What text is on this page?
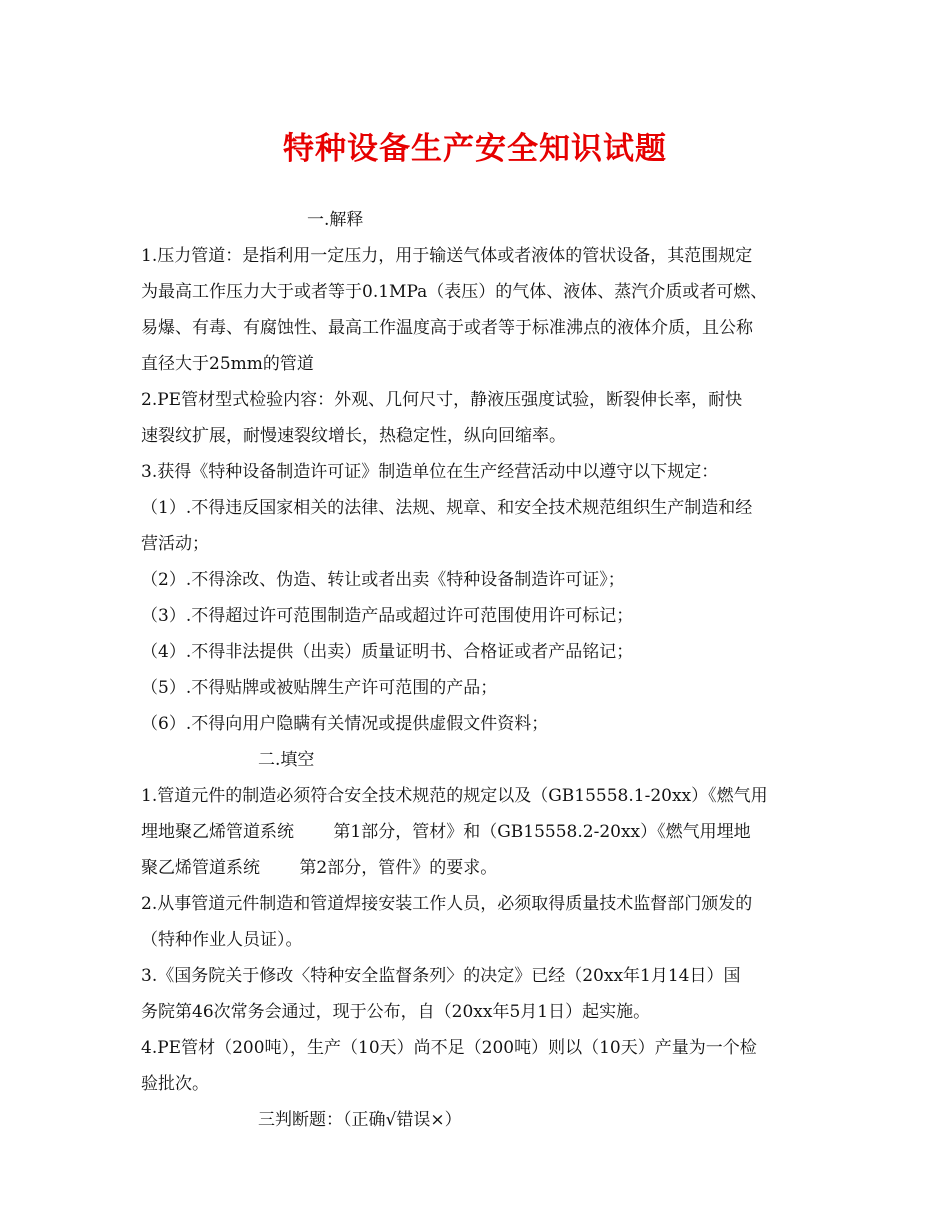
特种设备生产安全知识试题
一.解释
1.压力管道：是指利用一定压力，用于输送气体或者液体的管状设备，其范围规定
为最高工作压力大于或者等于0.1MPa（表压）的气体、液体、蒸汽介质或者可燃、
易爆、有毒、有腐蚀性、最高工作温度高于或者等于标准沸点的液体介质，且公称
直径大于25mm的管道
2.PE管材型式检验内容：外观、几何尺寸，静液压强度试验，断裂伸长率，耐快
速裂纹扩展，耐慢速裂纹增长，热稳定性，纵向回缩率。
3.获得《特种设备制造许可证》制造单位在生产经营活动中以遵守以下规定：
（1）.不得违反国家相关的法律、法规、规章、和安全技术规范组织生产制造和经
营活动；
（2）.不得涂改、伪造、转让或者出卖《特种设备制造许可证》；
（3）.不得超过许可范围制造产品或超过许可范围使用许可标记；
（4）.不得非法提供（出卖）质量证明书、合格证或者产品铭记；
（5）.不得贴牌或被贴牌生产许可范围的产品；
（6）.不得向用户隐瞒有关情况或提供虚假文件资料；
二.填空
1.管道元件的制造必须符合安全技术规范的规定以及（GB15558.1-20xx）《燃气用
埋地聚乙烯管道系统　　 第1部分，管材》和（GB15558.2-20xx）《燃气用埋地
聚乙烯管道系统　　 第2部分，管件》的要求。
2.从事管道元件制造和管道焊接安装工作人员，必须取得质量技术监督部门颁发的
（特种作业人员证）。
3.《国务院关于修改〈特种安全监督条列〉的决定》已经（20xx年1月14日）国
务院第46次常务会通过，现于公布，自（20xx年5月1日）起实施。
4.PE管材（200吨），生产（10天）尚不足（200吨）则以（10天）产量为一个检
验批次。
三判断题：（正确√错误×）
